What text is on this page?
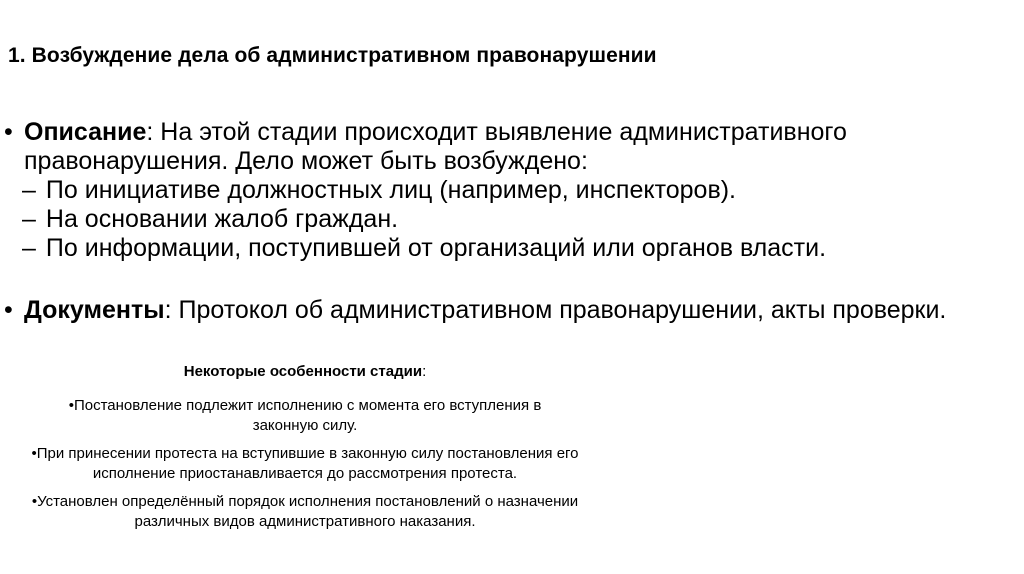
1. Возбуждение дела об административном правонарушении
• Описание: На этой стадии происходит выявление административного правонарушения. Дело может быть возбуждено:
– По инициативе должностных лиц (например, инспекторов).
– На основании жалоб граждан.
– По информации, поступившей от организаций или органов власти.
• Документы: Протокол об административном правонарушении, акты проверки.
Некоторые особенности стадии:
•Постановление подлежит исполнению с момента его вступления в законную силу.
•При принесении протеста на вступившие в законную силу постановления его исполнение приостанавливается до рассмотрения протеста.
•Установлен определённый порядок исполнения постановлений о назначении различных видов административного наказания.
